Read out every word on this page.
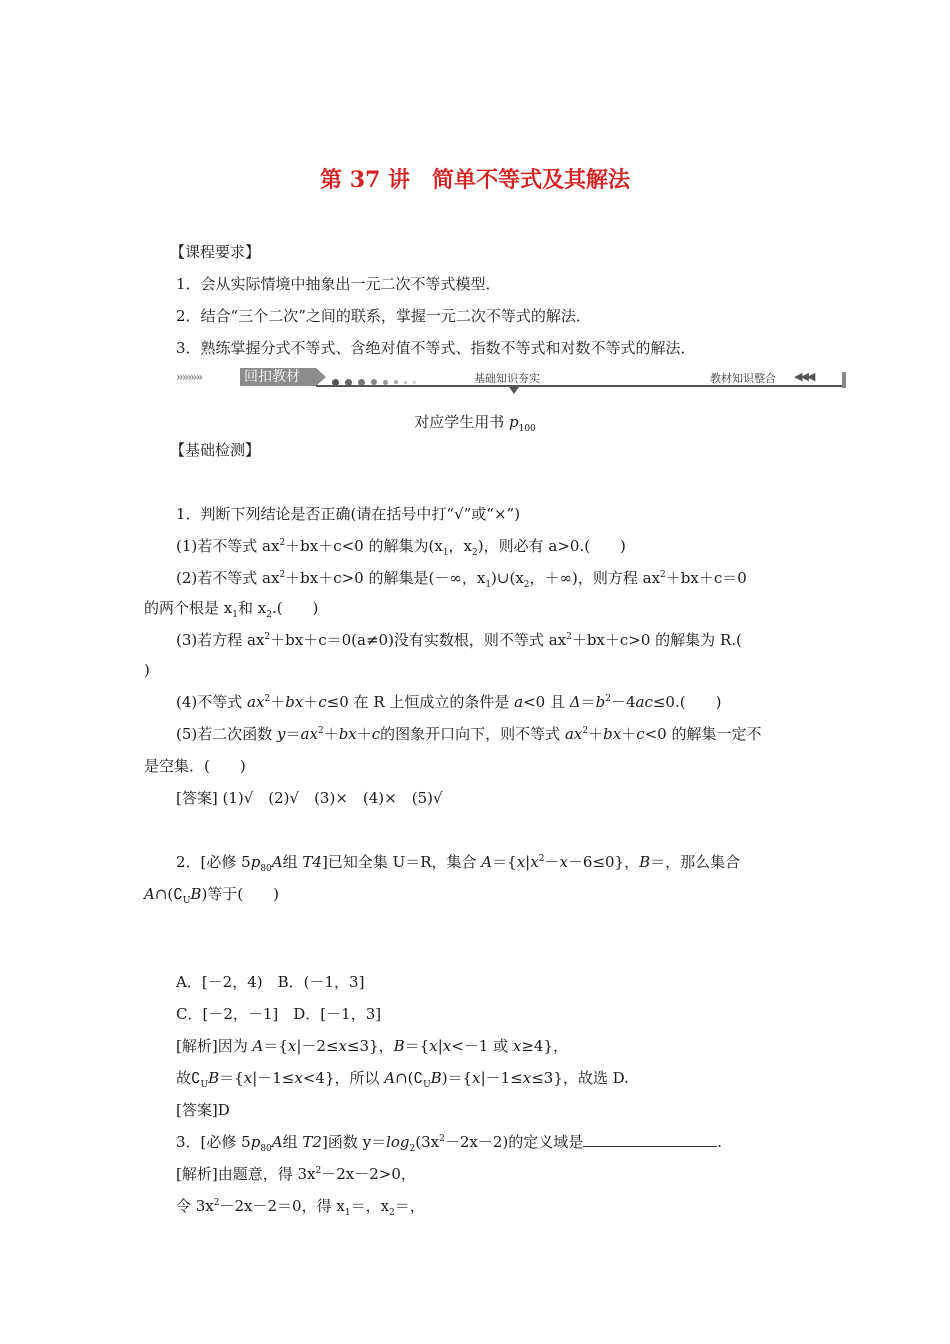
第 37 讲　简单不等式及其解法
【课程要求】
1．会从实际情境中抽象出一元二次不等式模型．
2．结合“三个二次”之间的联系，掌握一元二次不等式的解法．
3．熟练掌握分式不等式、含绝对值不等式、指数不等式和对数不等式的解法．
›››››››››	回扣教材	基础知识夯实	教材知识整合 ◀◀◀
对应学生用书 $p_{100}$
【基础检测】
1．判断下列结论是否正确(请在括号中打“√”或“×”)
(1)若不等式 $ax^2+bx+c<0$ 的解集为($x_1$，$x_2$)，则必有 a>0.(　　)
(2)若不等式 $ax^2+bx+c>0$ 的解集是(－∞，$x_1)\cup(x_2$，＋∞)，则方程 $ax^2+bx+c=0$
的两个根是 $x_1$和 $x_2$.(　　)
(3)若方程 $ax^2+bx+c=0(a\ne 0)$没有实数根，则不等式 $ax^2+bx+c>0$ 的解集为 R.(
)
(4)不等式 $ax^2+bx+c\le 0$ 在 R 上恒成立的条件是 a<0 且 $\Delta=b^2-4ac\le 0$.(　　)
(5)若二次函数 $y=ax^2+bx+c$的图象开口向下，则不等式 $ax^2+bx+c<0$ 的解集一定不
是空集．(　　)
[答案] (1)√　(2)√　(3)×　(4)×　(5)√
2．[必修 $5p_{80}A$组 T4]已知全集 U＝R，集合 $A=\{x|x^2-x-6\le 0\}$，B＝，那么集合
$A\cap(∁_UB)$等于(　　)
A．[－2，4)　B．(－1，3]
C．[－2，－1]　D．[－1，3]
[解析]因为 A＝{x|－2≤x≤3}，B＝{x|x<－1 或 x≥4}，
故$∁_UB=\{x|-1\le x<4\}$，所以 $A\cap(∁_UB)=\{x|-1\le x\le 3\}$，故选 D.
[答案]D
3．[必修 $5p_{80}A$组 T2]函数 $y=\log_2(3x^2-2x-2)$的定义域是	.
[解析]由题意，得 $3x^2-2x-2>0$，
令 $3x^2-2x-2=0$，得 $x_1=$，$x_2=$，
